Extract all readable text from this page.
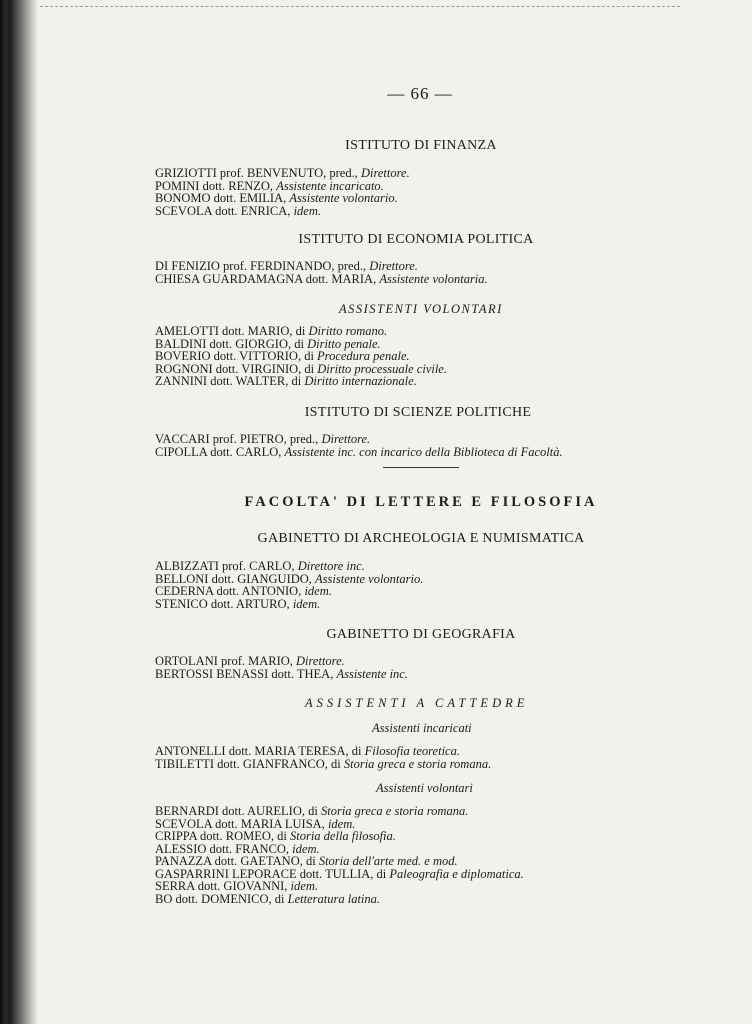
— 66 —
ISTITUTO DI FINANZA
GRIZIOTTI prof. BENVENUTO, pred., Direttore.
POMINI dott. RENZO, Assistente incaricato.
BONOMO dott. EMILIA, Assistente volontario.
SCEVOLA dott. ENRICA, idem.
ISTITUTO DI ECONOMIA POLITICA
DI FENIZIO prof. FERDINANDO, pred., Direttore.
CHIESA GUARDAMAGNA dott. MARIA, Assistente volontaria.
ASSISTENTI VOLONTARI
AMELOTTI dott. MARIO, di Diritto romano.
BALDINI dott. GIORGIO, di Diritto penale.
BOVERIO dott. VITTORIO, di Procedura penale.
ROGNONI dott. VIRGINIO, di Diritto processuale civile.
ZANNINI dott. WALTER, di Diritto internazionale.
ISTITUTO DI SCIENZE POLITICHE
VACCARI prof. PIETRO, pred., Direttore.
CIPOLLA dott. CARLO, Assistente inc. con incarico della Biblioteca di Facoltà.
FACOLTA' DI LETTERE E FILOSOFIA
GABINETTO DI ARCHEOLOGIA E NUMISMATICA
ALBIZZATI prof. CARLO, Direttore inc.
BELLONI dott. GIANGUIDO, Assistente volontario.
CEDERNA dott. ANTONIO, idem.
STENICO dott. ARTURO, idem.
GABINETTO DI GEOGRAFIA
ORTOLANI prof. MARIO, Direttore.
BERTOSSI BENASSI dott. THEA, Assistente inc.
ASSISTENTI A CATTEDRE
Assistenti incaricati
ANTONELLI dott. MARIA TERESA, di Filosofia teoretica.
TIBILETTI dott. GIANFRANCO, di Storia greca e storia romana.
Assistenti volontari
BERNARDI dott. AURELIO, di Storia greca e storia romana.
SCEVOLA dott. MARIA LUISA, idem.
CRIPPA dott. ROMEO, di Storia della filosofia.
ALESSIO dott. FRANCO, idem.
PANAZZA dott. GAETANO, di Storia dell'arte med. e mod.
GASPARRINI LEPORACE dott. TULLIA, di Paleografia e diplomatica.
SERRA dott. GIOVANNI, idem.
BO dott. DOMENICO, di Letteratura latina.
